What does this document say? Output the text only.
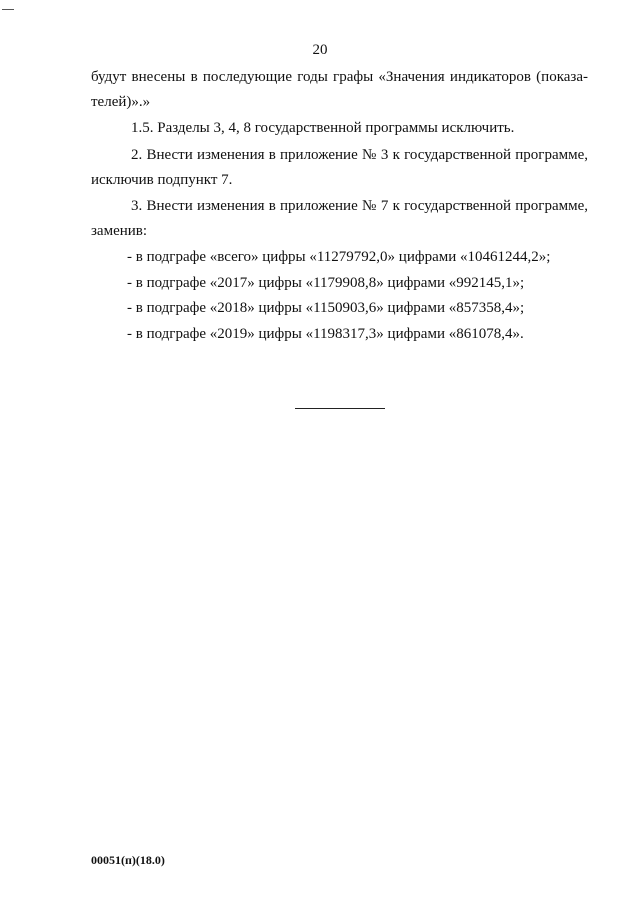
20
будут внесены в последующие годы графы «Значения индикаторов (показа-
телей)».»
1.5. Разделы 3, 4, 8 государственной программы исключить.
2. Внести изменения в приложение № 3 к государственной программе,
исключив подпункт 7.
3. Внести изменения в приложение № 7 к государственной программе,
заменив:
- в подграфе «всего» цифры «11279792,0» цифрами «10461244,2»;
- в подграфе «2017» цифры «1179908,8» цифрами «992145,1»;
- в подграфе «2018» цифры «1150903,6» цифрами «857358,4»;
- в подграфе «2019» цифры «1198317,3» цифрами «861078,4».
00051(п)(18.0)
